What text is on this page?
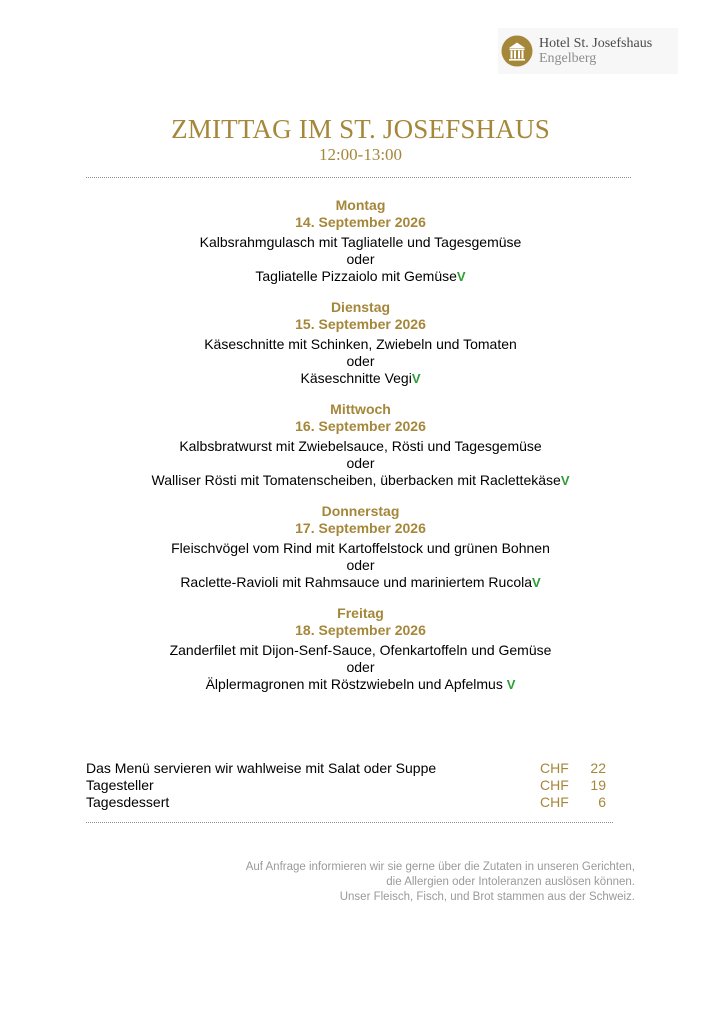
Hotel St. Josefshaus
Engelberg
ZMITTAG IM ST. JOSEFSHAUS
12:00-13:00
Montag
14. September 2026
Kalbsrahmgulasch mit Tagliatelle und Tagesgemüse
oder
Tagliatelle Pizzaiolo mit GemüseV
Dienstag
15. September 2026
Käseschnitte mit Schinken, Zwiebeln und Tomaten
oder
Käseschnitte VegiV
Mittwoch
16. September 2026
Kalbsbratwurst mit Zwiebelsauce, Rösti und Tagesgemüse
oder
Walliser Rösti mit Tomatenscheiben, überbacken mit RaclettekäseV
Donnerstag
17. September 2026
Fleischvögel vom Rind mit Kartoffelstock und grünen Bohnen
oder
Raclette-Ravioli mit Rahmsauce und mariniertem RucolaV
Freitag
18. September 2026
Zanderfilet mit Dijon-Senf-Sauce, Ofenkartoffeln und Gemüse
oder
Älplermagronen mit Röstzwiebeln und Apfelmus V
Das Menü servieren wir wahlweise mit Salat oder Suppe	CHF	22
Tagesteller	CHF	19
Tagesdessert	CHF	6
Auf Anfrage informieren wir sie gerne über die Zutaten in unseren Gerichten,
die Allergien oder Intoleranzen auslösen können.
Unser Fleisch, Fisch, und Brot stammen aus der Schweiz.
